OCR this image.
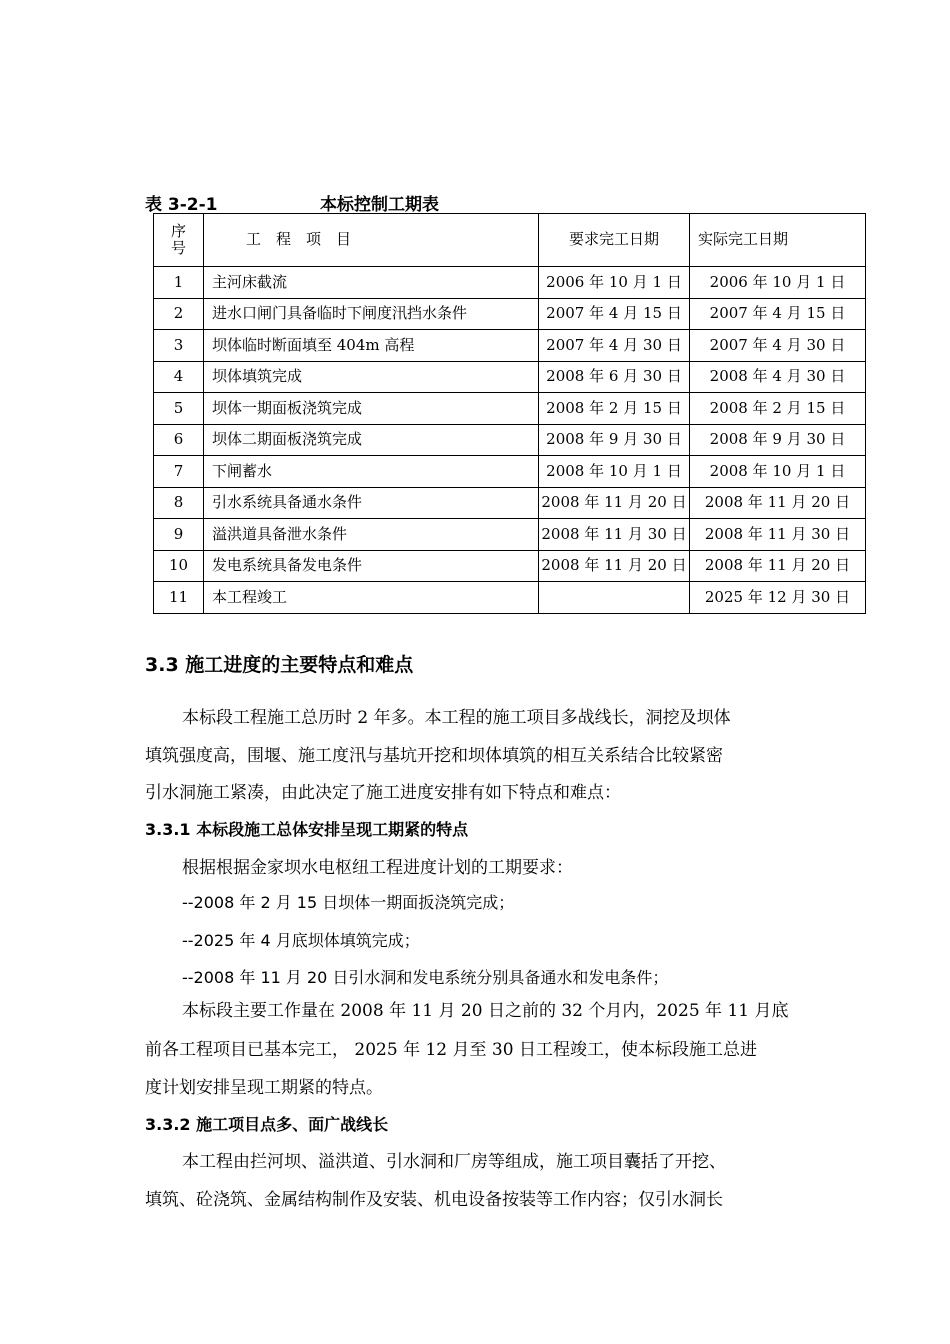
表 3-2-1	本标控制工期表
序
号	工　程　项　目	要求完工日期	实际完工日期
1	主河床截流	2006 年 10 月 1 日	2006 年 10 月 1 日
2	进水口闸门具备临时下闸度汛挡水条件	2007 年 4 月 15 日	2007 年 4 月 15 日
3	坝体临时断面填至 404m 高程	2007 年 4 月 30 日	2007 年 4 月 30 日
4	坝体填筑完成	2008 年 6 月 30 日	2008 年 4 月 30 日
5	坝体一期面板浇筑完成	2008 年 2 月 15 日	2008 年 2 月 15 日
6	坝体二期面板浇筑完成	2008 年 9 月 30 日	2008 年 9 月 30 日
7	下闸蓄水	2008 年 10 月 1 日	2008 年 10 月 1 日
8	引水系统具备通水条件	2008 年 11 月 20 日	2008 年 11 月 20 日
9	溢洪道具备泄水条件	2008 年 11 月 30 日	2008 年 11 月 30 日
10	发电系统具备发电条件	2008 年 11 月 20 日	2008 年 11 月 20 日
11	本工程竣工		2025 年 12 月 30 日
3.3 施工进度的主要特点和难点
本标段工程施工总历时 2 年多。本工程的施工项目多战线长，洞挖及坝体
填筑强度高，围堰、施工度汛与基坑开挖和坝体填筑的相互关系结合比较紧密
引水洞施工紧凑，由此决定了施工进度安排有如下特点和难点：
3.3.1 本标段施工总体安排呈现工期紧的特点
根据根据金家坝水电枢纽工程进度计划的工期要求：
--2008 年 2 月 15 日坝体一期面扳浇筑完成；
--2025 年 4 月底坝体填筑完成；
--2008 年 11 月 20 日引水洞和发电系统分别具备通水和发电条件；
本标段主要工作量在 2008 年 11 月 20 日之前的 32 个月内，2025 年 11 月底
前各工程项目已基本完工， 2025 年 12 月至 30 日工程竣工，使本标段施工总进
度计划安排呈现工期紧的特点。
3.3.2 施工项目点多、面广战线长
本工程由拦河坝、溢洪道、引水洞和厂房等组成，施工项目囊括了开挖、
填筑、砼浇筑、金属结构制作及安装、机电设备按装等工作内容；仅引水洞长
